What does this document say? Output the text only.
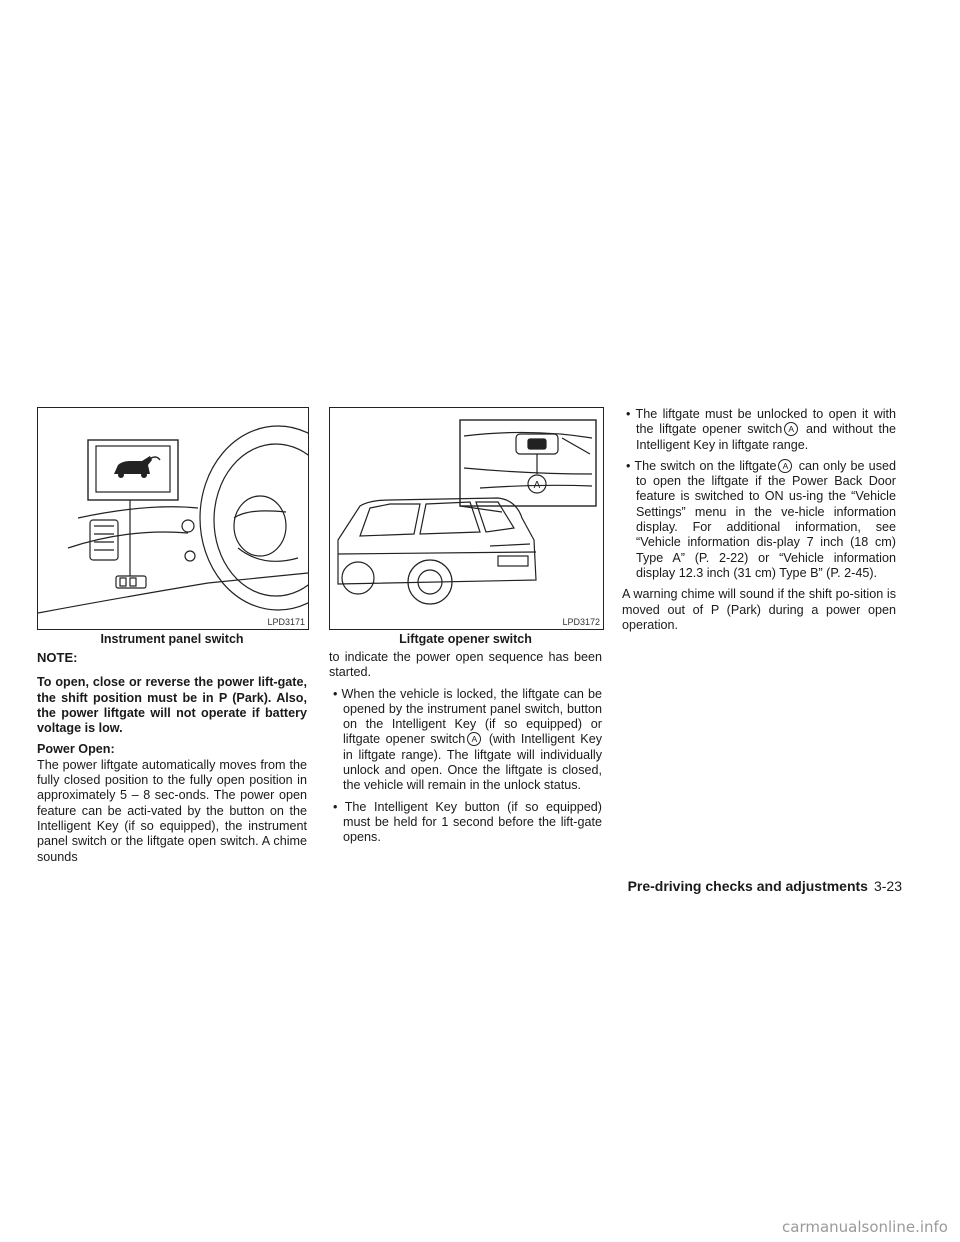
LPD3171
Instrument panel switch
A
LPD3172
Liftgate opener switch

NOTE:

To open, close or reverse the power lift-gate, the shift position must be in P (Park). Also, the power liftgate will not operate if battery voltage is low.

Power Open:

The power liftgate automatically moves from the fully closed position to the fully open position in approximately 5 – 8 sec-onds. The power open feature can be acti-vated by the button on the Intelligent Key (if so equipped), the instrument panel switch or the liftgate open switch. A chime sounds

to indicate the power open sequence has been started.

• When the vehicle is locked, the liftgate can be opened by the instrument panel switch, button on the Intelligent Key (if so equipped) or liftgate opener switch A (with Intelligent Key in liftgate range). The liftgate will individually unlock and open. Once the liftgate is closed, the vehicle will remain in the unlock status.

• The Intelligent Key button (if so equipped) must be held for 1 second before the lift-gate opens.

• The liftgate must be unlocked to open it with the liftgate opener switch A and without the Intelligent Key in liftgate range.

• The switch on the liftgate A can only be used to open the liftgate if the Power Back Door feature is switched to ON us-ing the “Vehicle Settings” menu in the ve-hicle information display. For additional information, see “Vehicle information dis-play 7 inch (18 cm) Type A” (P. 2-22) or “Vehicle information display 12.3 inch (31 cm) Type B” (P. 2-45).

A warning chime will sound if the shift po-sition is moved out of P (Park) during a power open operation.

Pre-driving checks and adjustments 3-23
carmanualsonline.info
